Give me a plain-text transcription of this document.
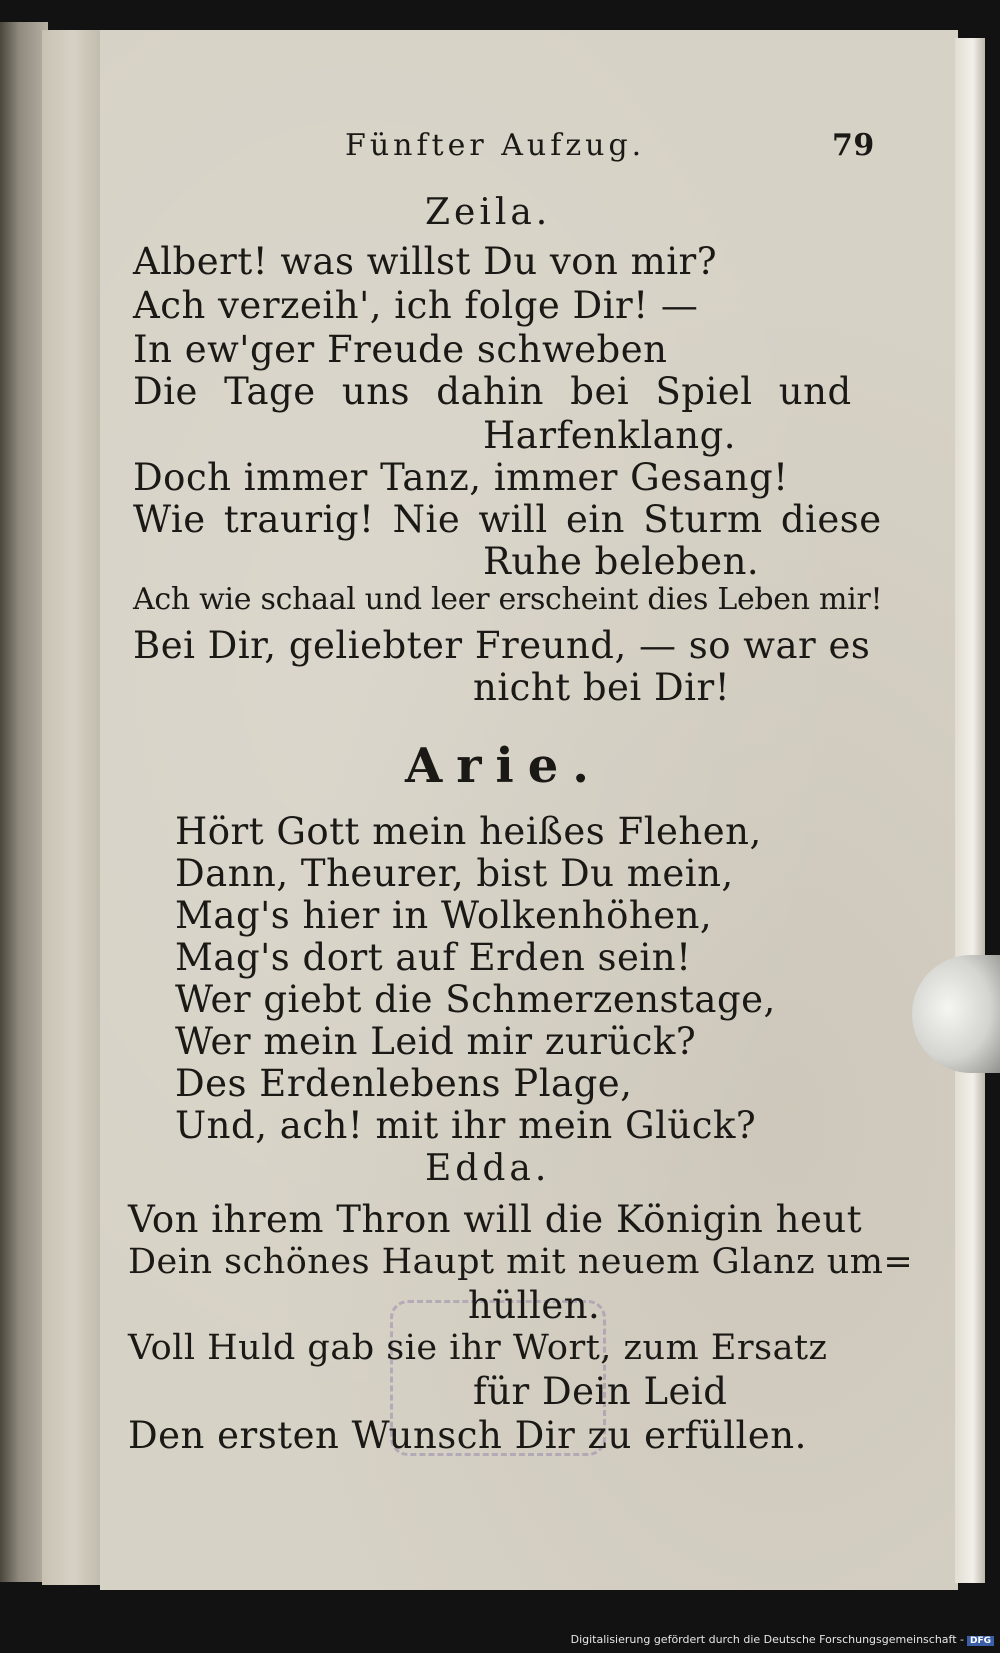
Fünfter Aufzug.	79
Zeila.
Albert! was willst Du von mir?
Ach verzeih', ich folge Dir! —
In ew'ger Freude schweben
Die Tage uns dahin bei Spiel und
Harfenklang.
Doch immer Tanz, immer Gesang!
Wie traurig! Nie will ein Sturm diese
Ruhe beleben.
Ach wie schaal und leer erscheint dies Leben mir!
Bei Dir, geliebter Freund, — so war es
nicht bei Dir!
Arie.
Hört Gott mein heißes Flehen,
Dann, Theurer, bist Du mein,
Mag's hier in Wolkenhöhen,
Mag's dort auf Erden sein!
Wer giebt die Schmerzenstage,
Wer mein Leid mir zurück?
Des Erdenlebens Plage,
Und, ach! mit ihr mein Glück?
Edda.
Von ihrem Thron will die Königin heut
Dein schönes Haupt mit neuem Glanz um=
hüllen.
Voll Huld gab sie ihr Wort, zum Ersatz
für Dein Leid
Den ersten Wunsch Dir zu erfüllen.
Digitalisierung gefördert durch die Deutsche Forschungsgemeinschaft - DFG
